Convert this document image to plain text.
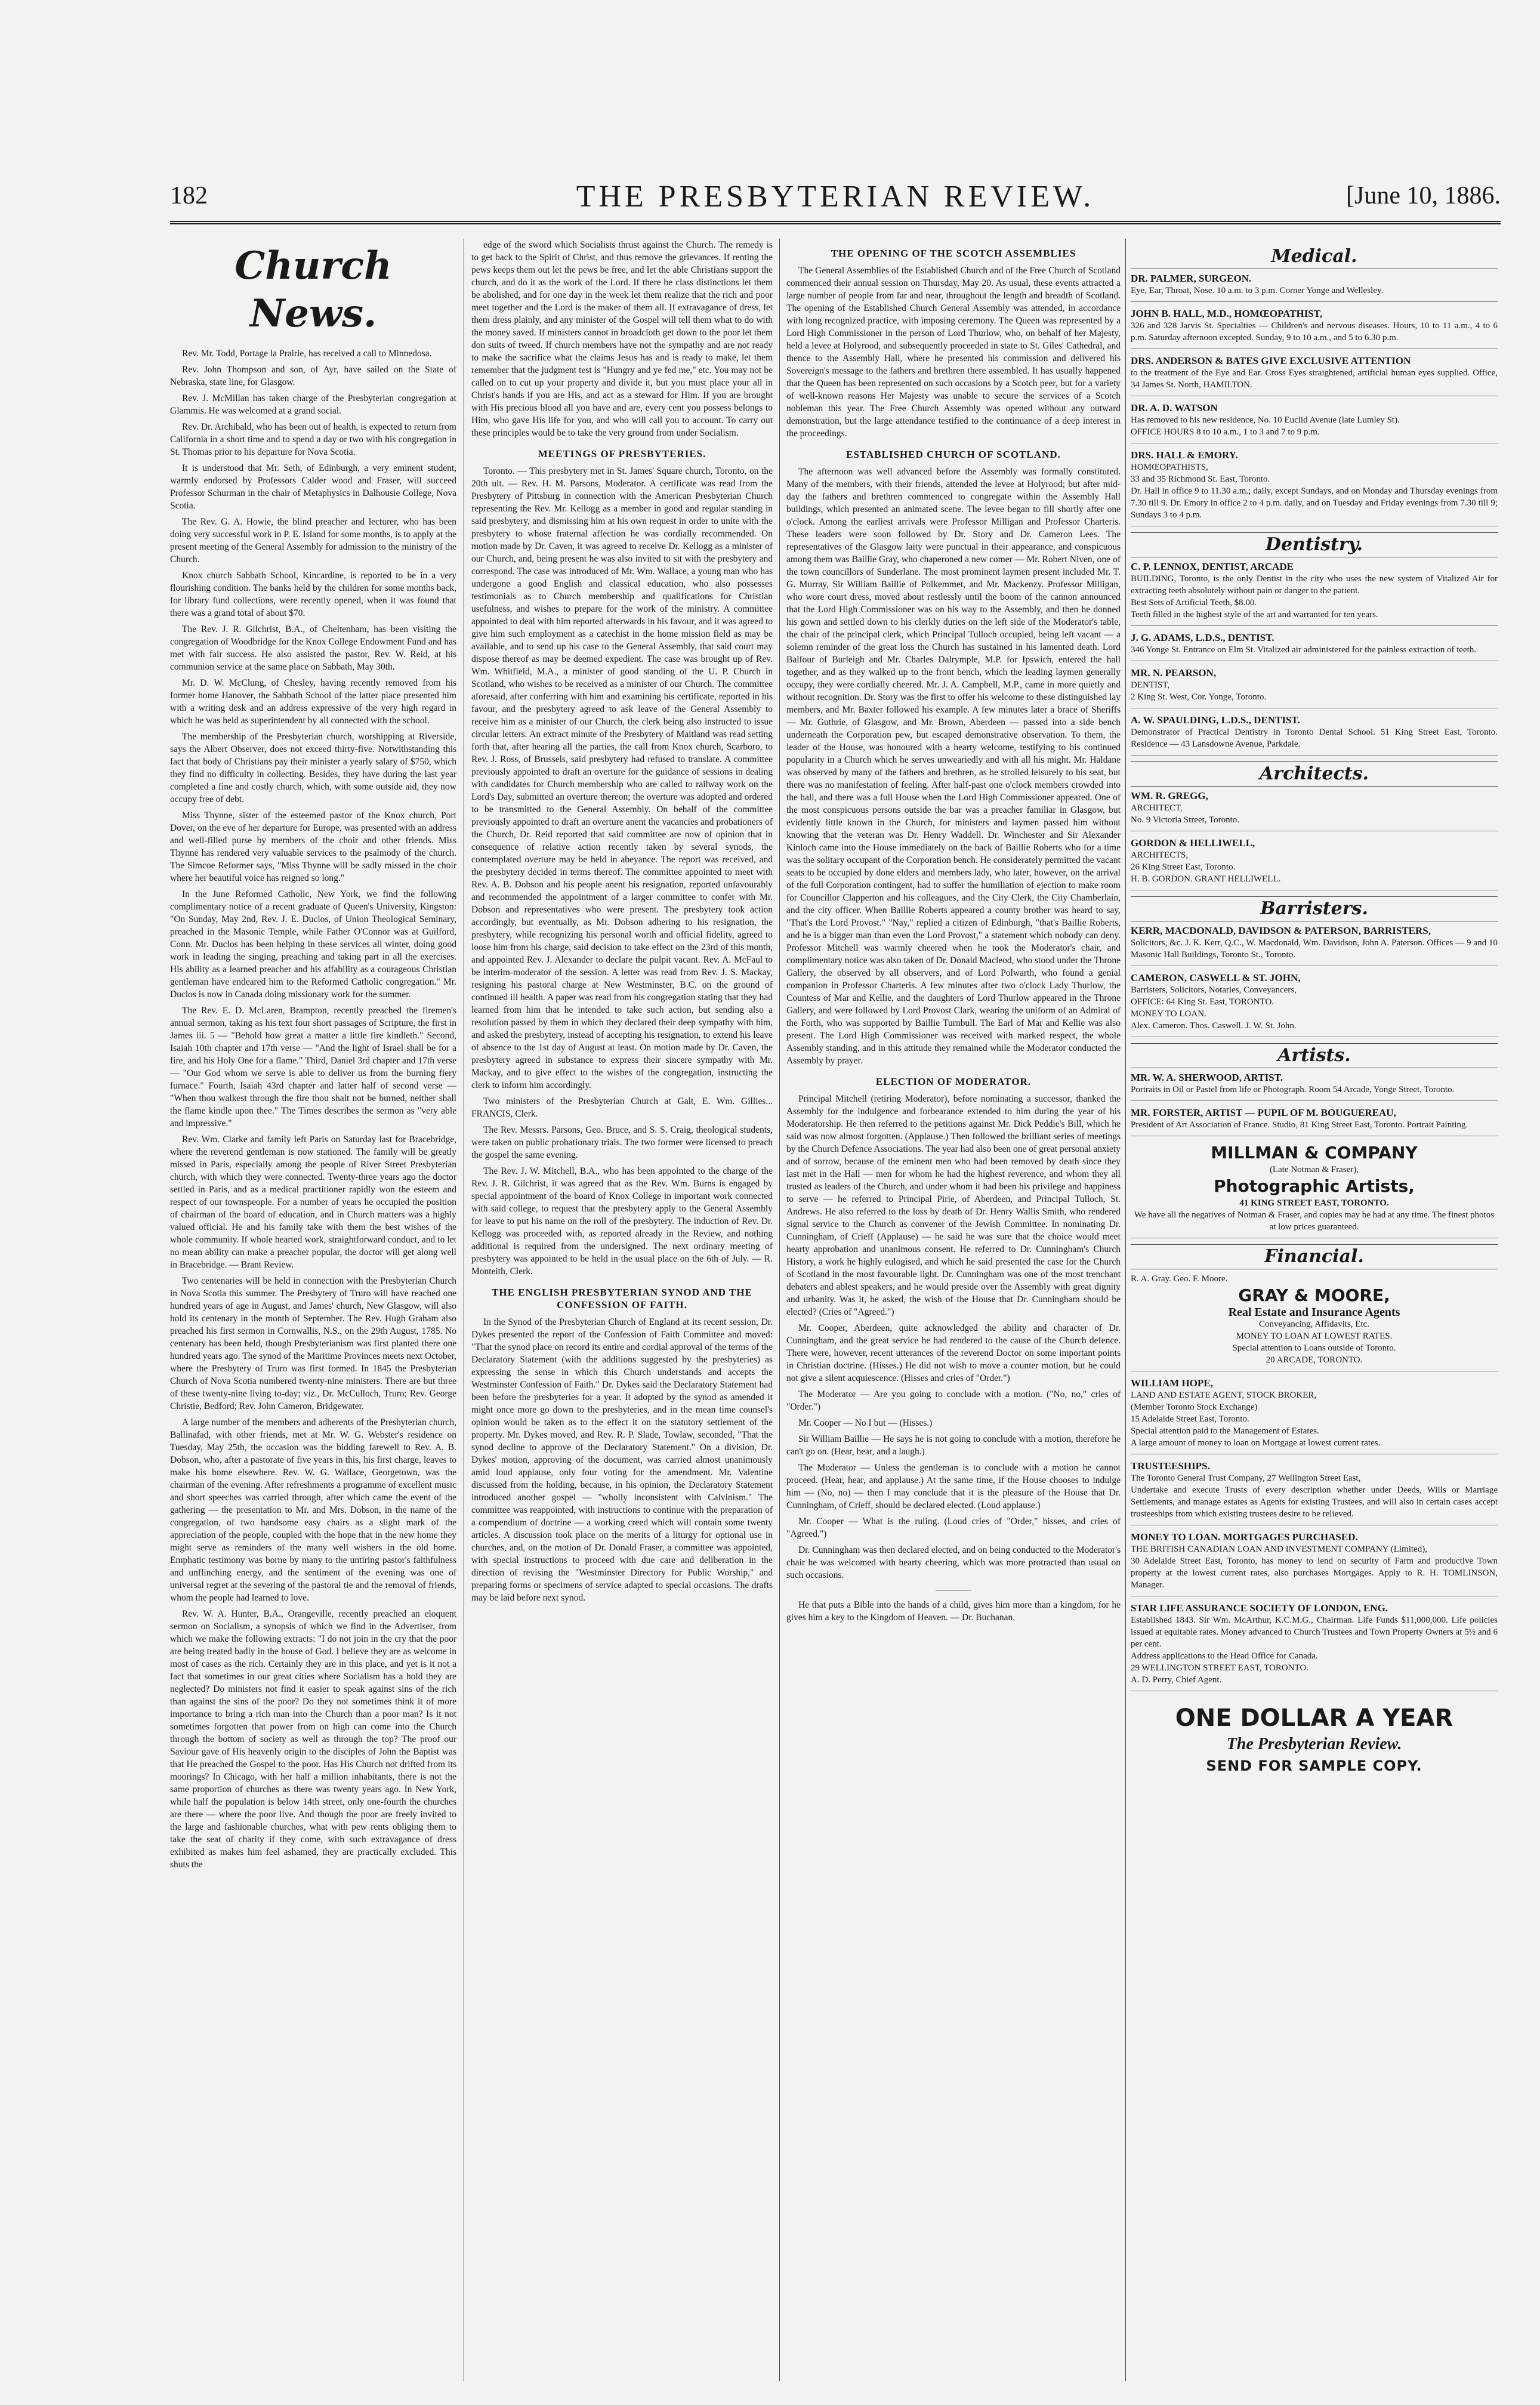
182	THE PRESBYTERIAN REVIEW.	[June 10, 1886.
Church News.

Rev. Mr. Todd, Portage la Prairie, has received a call to Minnedosa.

Rev. John Thompson and son, of Ayr, have sailed on the State of Nebraska, state line, for Glasgow.

Rev. J. McMillan has taken charge of the Presbyterian congregation at Glammis. He was welcomed at a grand social.

Rev. Dr. Archibald, who has been out of health, is expected to return from California in a short time and to spend a day or two with his congregation in St. Thomas prior to his departure for Nova Scotia.

It is understood that Mr. Seth, of Edinburgh, a very eminent student, warmly endorsed by Professors Calder wood and Fraser, will succeed Professor Schurman in the chair of Metaphysics in Dalhousie College, Nova Scotia.

The Rev. G. A. Howie, the blind preacher and lecturer, who has been doing very successful work in P. E. Island for some months, is to apply at the present meeting of the General Assembly for admission to the ministry of the Church.

Knox church Sabbath School, Kincardine, is reported to be in a very flourishing condition. The banks held by the children for some months back, for library fund collections, were recently opened, when it was found that there was a grand total of about $70.

The Rev. J. R. Gilchrist, B.A., of Cheltenham, has been visiting the congregation of Woodbridge for the Knox College Endowment Fund and has met with fair success. He also assisted the pastor, Rev. W. Reid, at his communion service at the same place on Sabbath, May 30th.

Mr. D. W. McClung, of Chesley, having recently removed from his former home Hanover, the Sabbath School of the latter place presented him with a writing desk and an address expressive of the very high regard in which he was held as superintendent by all connected with the school.

The membership of the Presbyterian church, worshipping at Riverside, says the Albert Observer, does not exceed thirty-five. Notwithstanding this fact that body of Christians pay their minister a yearly salary of $750, which they find no difficulty in collecting. Besides, they have during the last year completed a fine and costly church, which, with some outside aid, they now occupy free of debt.

Miss Thynne, sister of the esteemed pastor of the Knox church, Port Dover, on the eve of her departure for Europe, was presented with an address and well-filled purse by members of the choir and other friends. Miss Thynne has rendered very valuable services to the psalmody of the church. The Simcoe Reformer says, "Miss Thynne will be sadly missed in the choir where her beautiful voice has reigned so long."

In the June Reformed Catholic, New York, we find the following complimentary notice of a recent graduate of Queen's University, Kingston: "On Sunday, May 2nd, Rev. J. E. Duclos, of Union Theological Seminary, preached in the Masonic Temple, while Father O'Connor was at Guilford, Conn. Mr. Duclos has been helping in these services all winter, doing good work in leading the singing, preaching and taking part in all the exercises. His ability as a learned preacher and his affability as a courageous Christian gentleman have endeared him to the Reformed Catholic congregation." Mr. Duclos is now in Canada doing missionary work for the summer.

The Rev. E. D. McLaren, Brampton, recently preached the firemen's annual sermon, taking as his text four short passages of Scripture, the first in James iii. 5 — "Behold how great a matter a little fire kindleth." Second, Isaiah 10th chapter and 17th verse — "And the light of Israel shall be for a fire, and his Holy One for a flame." Third, Daniel 3rd chapter and 17th verse — "Our God whom we serve is able to deliver us from the burning fiery furnace." Fourth, Isaiah 43rd chapter and latter half of second verse — "When thou walkest through the fire thou shalt not be burned, neither shall the flame kindle upon thee." The Times describes the sermon as "very able and impressive."

Rev. Wm. Clarke and family left Paris on Saturday last for Bracebridge, where the reverend gentleman is now stationed. The family will be greatly missed in Paris, especially among the people of River Street Presbyterian church, with which they were connected. Twenty-three years ago the doctor settled in Paris, and as a medical practitioner rapidly won the esteem and respect of our townspeople. For a number of years he occupied the position of chairman of the board of education, and in Church matters was a highly valued official. He and his family take with them the best wishes of the whole community. If whole hearted work, straightforward conduct, and to let no mean ability can make a preacher popular, the doctor will get along well in Bracebridge. — Brant Review.

Two centenaries will be held in connection with the Presbyterian Church in Nova Scotia this summer. The Presbytery of Truro will have reached one hundred years of age in August, and James' church, New Glasgow, will also hold its centenary in the month of September. The Rev. Hugh Graham also preached his first sermon in Cornwallis, N.S., on the 29th August, 1785. No centenary has been held, though Presbyterianism was first planted there one hundred years ago. The synod of the Maritime Provinces meets next October, where the Presbytery of Truro was first formed. In 1845 the Presbyterian Church of Nova Scotia numbered twenty-nine ministers. There are but three of these twenty-nine living to-day; viz., Dr. McCulloch, Truro; Rev. George Christie, Bedford; Rev. John Cameron, Bridgewater.

A large number of the members and adherents of the Presbyterian church, Ballinafad, with other friends, met at Mr. W. G. Webster's residence on Tuesday, May 25th, the occasion was the bidding farewell to Rev. A. B. Dobson, who, after a pastorate of five years in this, his first charge, leaves to make his home elsewhere. Rev. W. G. Wallace, Georgetown, was the chairman of the evening. After refreshments a programme of excellent music and short speeches was carried through, after which came the event of the gathering — the presentation to Mr. and Mrs. Dobson, in the name of the congregation, of two handsome easy chairs as a slight mark of the appreciation of the people, coupled with the hope that in the new home they might serve as reminders of the many well wishers in the old home. Emphatic testimony was borne by many to the untiring pastor's faithfulness and unflinching energy, and the sentiment of the evening was one of universal regret at the severing of the pastoral tie and the removal of friends, whom the people had learned to love.

Rev. W. A. Hunter, B.A., Orangeville, recently preached an eloquent sermon on Socialism, a synopsis of which we find in the Advertiser, from which we make the following extracts: "I do not join in the cry that the poor are being treated badly in the house of God. I believe they are as welcome in most of cases as the rich. Certainly they are in this place, and yet is it not a fact that sometimes in our great cities where Socialism has a hold they are neglected? Do ministers not find it easier to speak against sins of the rich than against the sins of the poor? Do they not sometimes think it of more importance to bring a rich man into the Church than a poor man? Is it not sometimes forgotten that power from on high can come into the Church through the bottom of society as well as through the top? The proof our Saviour gave of His heavenly origin to the disciples of John the Baptist was that He preached the Gospel to the poor. Has His Church not drifted from its moorings? In Chicago, with her half a million inhabitants, there is not the same proportion of churches as there was twenty years ago. In New York, while half the population is below 14th street, only one-fourth the churches are there — where the poor live. And though the poor are freely invited to the large and fashionable churches, what with pew rents obliging them to take the seat of charity if they come, with such extravagance of dress exhibited as makes him feel ashamed, they are practically excluded. This shuts the

edge of the sword which Socialists thrust against the Church. The remedy is to get back to the Spirit of Christ, and thus remove the grievances. If renting the pews keeps them out let the pews be free, and let the able Christians support the church, and do it as the work of the Lord. If there be class distinctions let them be abolished, and for one day in the week let them realize that the rich and poor meet together and the Lord is the maker of them all. If extravagance of dress, let them dress plainly, and any minister of the Gospel will tell them what to do with the money saved. If ministers cannot in broadcloth get down to the poor let them don suits of tweed. If church members have not the sympathy and are not ready to make the sacrifice what the claims Jesus has and is ready to make, let them remember that the judgment test is "Hungry and ye fed me," etc. You may not be called on to cut up your property and divide it, but you must place your all in Christ's hands if you are His, and act as a steward for Him. If you are brought with His precious blood all you have and are, every cent you possess belongs to Him, who gave His life for you, and who will call you to account. To carry out these principles would be to take the very ground from under Socialism.

MEETINGS OF PRESBYTERIES.

Toronto. — This presbytery met in St. James' Square church, Toronto, on the 20th ult. — Rev. H. M. Parsons, Moderator. A certificate was read from the Presbytery of Pittsburg in connection with the American Presbyterian Church representing the Rev. Mr. Kellogg as a member in good and regular standing in said presbytery, and dismissing him at his own request in order to unite with the presbytery to whose fraternal affection he was cordially recommended. On motion made by Dr. Caven, it was agreed to receive Dr. Kellogg as a minister of our Church, and, being present he was also invited to sit with the presbytery and correspond. The case was introduced of Mr. Wm. Wallace, a young man who has undergone a good English and classical education, who also possesses testimonials as to Church membership and qualifications for Christian usefulness, and wishes to prepare for the work of the ministry. A committee appointed to deal with him reported afterwards in his favour, and it was agreed to give him such employment as a catechist in the home mission field as may be available, and to send up his case to the General Assembly, that said court may dispose thereof as may be deemed expedient. The case was brought up of Rev. Wm. Whitfield, M.A., a minister of good standing of the U. P. Church in Scotland, who wishes to be received as a minister of our Church. The committee aforesaid, after conferring with him and examining his certificate, reported in his favour, and the presbytery agreed to ask leave of the General Assembly to receive him as a minister of our Church, the clerk being also instructed to issue circular letters. An extract minute of the Presbytery of Maitland was read setting forth that, after hearing all the parties, the call from Knox church, Scarboro, to Rev. J. Ross, of Brussels, said presbytery had refused to translate. A committee previously appointed to draft an overture for the guidance of sessions in dealing with candidates for Church membership who are called to railway work on the Lord's Day, submitted an overture thereon; the overture was adopted and ordered to be transmitted to the General Assembly. On behalf of the committee previously appointed to draft an overture anent the vacancies and probationers of the Church, Dr. Reid reported that said committee are now of opinion that in consequence of relative action recently taken by several synods, the contemplated overture may be held in abeyance. The report was received, and the presbytery decided in terms thereof. The committee appointed to meet with Rev. A. B. Dobson and his people anent his resignation, reported unfavourably and recommended the appointment of a larger committee to confer with Mr. Dobson and representatives who were present. The presbytery took action accordingly, but eventually, as Mr. Dobson adhering to his resignation, the presbytery, while recognizing his personal worth and official fidelity, agreed to loose him from his charge, said decision to take effect on the 23rd of this month, and appointed Rev. J. Alexander to declare the pulpit vacant. Rev. A. McFaul to be interim-moderator of the session. A letter was read from Rev. J. S. Mackay, resigning his pastoral charge at New Westminster, B.C. on the ground of continued ill health. A paper was read from his congregation stating that they had learned from him that he intended to take such action, but sending also a resolution passed by them in which they declared their deep sympathy with him, and asked the presbytery, instead of accepting his resignation, to extend his leave of absence to the 1st day of August at least. On motion made by Dr. Caven, the presbytery agreed in substance to express their sincere sympathy with Mr. Mackay, and to give effect to the wishes of the congregation, instructing the clerk to inform him accordingly.

Two ministers of the Presbyterian Church at Galt, E. Wm. Gillies... FRANCIS, Clerk.

The Rev. Messrs. Parsons, Geo. Bruce, and S. S. Craig, theological students, were taken on public probationary trials. The two former were licensed to preach the gospel the same evening.

The Rev. J. W. Mitchell, B.A., who has been appointed to the charge of the Rev. J. R. Gilchrist, it was agreed that as the Rev. Wm. Burns is engaged by special appointment of the board of Knox College in important work connected with said college, to request that the presbytery apply to the General Assembly for leave to put his name on the roll of the presbytery. The induction of Rev. Dr. Kellogg was proceeded with, as reported already in the Review, and nothing additional is required from the undersigned. The next ordinary meeting of presbytery was appointed to be held in the usual place on the 6th of July. — R. Monteith, Clerk.

THE ENGLISH PRESBYTERIAN SYNOD AND THE CONFESSION OF FAITH.

In the Synod of the Presbyterian Church of England at its recent session, Dr. Dykes presented the report of the Confession of Faith Committee and moved: "That the synod place on record its entire and cordial approval of the terms of the Declaratory Statement (with the additions suggested by the presbyteries) as expressing the sense in which this Church understands and accepts the Westminster Confession of Faith." Dr. Dykes said the Declaratory Statement had been before the presbyteries for a year. It adopted by the synod as amended it might once more go down to the presbyteries, and in the mean time counsel's opinion would be taken as to the effect it on the statutory settlement of the property. Mr. Dykes moved, and Rev. R. P. Slade, Towlaw, seconded, "That the synod decline to approve of the Declaratory Statement." On a division, Dr. Dykes' motion, approving of the document, was carried almost unanimously amid loud applause, only four voting for the amendment. Mr. Valentine discussed from the holding, because, in his opinion, the Declaratory Statement introduced another gospel — "wholly inconsistent with Calvinism." The committee was reappointed, with instructions to continue with the preparation of a compendium of doctrine — a working creed which will contain some twenty articles. A discussion took place on the merits of a liturgy for optional use in churches, and, on the motion of Dr. Donald Fraser, a committee was appointed, with special instructions to proceed with due care and deliberation in the direction of revising the "Westminster Directory for Public Worship," and preparing forms or specimens of service adapted to special occasions. The drafts may be laid before next synod.

THE OPENING OF THE SCOTCH ASSEMBLIES

The General Assemblies of the Established Church and of the Free Church of Scotland commenced their annual session on Thursday, May 20. As usual, these events attracted a large number of people from far and near, throughout the length and breadth of Scotland. The opening of the Established Church General Assembly was attended, in accordance with long recognized practice, with imposing ceremony. The Queen was represented by a Lord High Commissioner in the person of Lord Thurlow, who, on behalf of her Majesty, held a levee at Holyrood, and subsequently proceeded in state to St. Giles' Cathedral, and thence to the Assembly Hall, where he presented his commission and delivered his Sovereign's message to the fathers and brethren there assembled. It has usually happened that the Queen has been represented on such occasions by a Scotch peer, but for a variety of well-known reasons Her Majesty was unable to secure the services of a Scotch nobleman this year. The Free Church Assembly was opened without any outward demonstration, but the large attendance testified to the continuance of a deep interest in the proceedings.

ESTABLISHED CHURCH OF SCOTLAND.

The afternoon was well advanced before the Assembly was formally constituted. Many of the members, with their friends, attended the levee at Holyrood; but after mid-day the fathers and brethren commenced to congregate within the Assembly Hall buildings, which presented an animated scene. The levee began to fill shortly after one o'clock. Among the earliest arrivals were Professor Milligan and Professor Charteris. These leaders were soon followed by Dr. Story and Dr. Cameron Lees. The representatives of the Glasgow laity were punctual in their appearance, and conspicuous among them was Baillie Gray, who chaperoned a new comer — Mr. Robert Niven, one of the town councillors of Sunderlane. The most prominent laymen present included Mr. T. G. Murray, Sir William Baillie of Polkemmet, and Mr. Mackenzy. Professor Milligan, who wore court dress, moved about restlessly until the boom of the cannon announced that the Lord High Commissioner was on his way to the Assembly, and then he donned his gown and settled down to his clerkly duties on the left side of the Moderator's table, the chair of the principal clerk, which Principal Tulloch occupied, being left vacant — a solemn reminder of the great loss the Church has sustained in his lamented death. Lord Balfour of Burleigh and Mr. Charles Dalrymple, M.P. for Ipswich, entered the hall together, and as they walked up to the front bench, which the leading laymen generally occupy, they were cordially cheered. Mr. J. A. Campbell, M.P., came in more quietly and without recognition. Dr. Story was the first to offer his welcome to these distinguished lay members, and Mr. Baxter followed his example. A few minutes later a brace of Sheriffs — Mr. Guthrie, of Glasgow, and Mr. Brown, Aberdeen — passed into a side bench underneath the Corporation pew, but escaped demonstrative observation. To them, the leader of the House, was honoured with a hearty welcome, testifying to his continued popularity in a Church which he serves unweariedly and with all his might. Mr. Haldane was observed by many of the fathers and brethren, as he strolled leisurely to his seat, but there was no manifestation of feeling. After half-past one o'clock members crowded into the hall, and there was a full House when the Lord High Commissioner appeared. One of the most conspicuous persons outside the bar was a preacher familiar in Glasgow, but evidently little known in the Church, for ministers and laymen passed him without knowing that the veteran was Dr. Henry Waddell. Dr. Winchester and Sir Alexander Kinloch came into the House immediately on the back of Baillie Roberts who for a time was the solitary occupant of the Corporation bench. He considerately permitted the vacant seats to be occupied by done elders and members lady, who later, however, on the arrival of the full Corporation contingent, had to suffer the humiliation of ejection to make room for Councillor Clapperton and his colleagues, and the City Clerk, the City Chamberlain, and the city officer. When Baillie Roberts appeared a county brother was heard to say, "That's the Lord Provost." "Nay," replied a citizen of Edinburgh, "that's Baillie Roberts, and he is a bigger man than even the Lord Provost," a statement which nobody can deny. Professor Mitchell was warmly cheered when he took the Moderator's chair, and complimentary notice was also taken of Dr. Donald Macleod, who stood under the Throne Gallery, the observed by all observers, and of Lord Polwarth, who found a genial companion in Professor Charteris. A few minutes after two o'clock Lady Thurlow, the Countess of Mar and Kellie, and the daughters of Lord Thurlow appeared in the Throne Gallery, and were followed by Lord Provost Clark, wearing the uniform of an Admiral of the Forth, who was supported by Baillie Turnbull. The Earl of Mar and Kellie was also present. The Lord High Commissioner was received with marked respect, the whole Assembly standing, and in this attitude they remained while the Moderator conducted the Assembly by prayer.

ELECTION OF MODERATOR.

Principal Mitchell (retiring Moderator), before nominating a successor, thanked the Assembly for the indulgence and forbearance extended to him during the year of his Moderatorship. He then referred to the petitions against Mr. Dick Peddie's Bill, which he said was now almost forgotten. (Applause.) Then followed the brilliant series of meetings by the Church Defence Associations. The year had also been one of great personal anxiety and of sorrow, because of the eminent men who had been removed by death since they last met in the Hall — men for whom he had the highest reverence, and whom they all trusted as leaders of the Church, and under whom it had been his privilege and happiness to serve — he referred to Principal Pirie, of Aberdeen, and Principal Tulloch, St. Andrews. He also referred to the loss by death of Dr. Henry Wallis Smith, who rendered signal service to the Church as convener of the Jewish Committee. In nominating Dr. Cunningham, of Crieff (Applause) — he said he was sure that the choice would meet hearty approbation and unanimous consent. He referred to Dr. Cunningham's Church History, a work he highly eulogised, and which he said presented the case for the Church of Scotland in the most favourable light. Dr. Cunningham was one of the most trenchant debaters and ablest speakers, and he would preside over the Assembly with great dignity and urbanity. Was it, he asked, the wish of the House that Dr. Cunningham should be elected? (Cries of "Agreed.")

Mr. Cooper, Aberdeen, quite acknowledged the ability and character of Dr. Cunningham, and the great service he had rendered to the cause of the Church defence. There were, however, recent utterances of the reverend Doctor on some important points in Christian doctrine. (Hisses.) He did not wish to move a counter motion, but he could not give a silent acquiescence. (Hisses and cries of "Order.")

The Moderator — Are you going to conclude with a motion. ("No, no," cries of "Order.")

Mr. Cooper — No I but — (Hisses.)

Sir William Baillie — He says he is not going to conclude with a motion, therefore he can't go on. (Hear, hear, and a laugh.)

The Moderator — Unless the gentleman is to conclude with a motion he cannot proceed. (Hear, hear, and applause.) At the same time, if the House chooses to indulge him — (No, no) — then I may conclude that it is the pleasure of the House that Dr. Cunningham, of Crieff, should be declared elected. (Loud applause.)

Mr. Cooper — What is the ruling. (Loud cries of "Order," hisses, and cries of "Agreed.")

Dr. Cunningham was then declared elected, and on being conducted to the Moderator's chair he was welcomed with hearty cheering, which was more protracted than usual on such occasions.

He that puts a Bible into the hands of a child, gives him more than a kingdom, for he gives him a key to the Kingdom of Heaven. — Dr. Buchanan.

Medical.
DR. PALMER, SURGEON.
Eye, Ear, Throat, Nose. 10 a.m. to 3 p.m. Corner Yonge and Wellesley.
JOHN B. HALL, M.D., HOMŒOPATHIST,
326 and 328 Jarvis St. Specialties — Children's and nervous diseases. Hours, 10 to 11 a.m., 4 to 6 p.m. Saturday afternoon excepted. Sunday, 9 to 10 a.m., and 5 to 6.30 p.m.
DRS. ANDERSON & BATES GIVE EXCLUSIVE ATTENTION
to the treatment of the Eye and Ear. Cross Eyes straightened, artificial human eyes supplied. Office, 34 James St. North, HAMILTON.
DR. A. D. WATSON
Has removed to his new residence, No. 10 Euclid Avenue (late Lumley St).
OFFICE HOURS 8 to 10 a.m., 1 to 3 and 7 to 9 p.m.
DRS. HALL & EMORY.
HOMŒOPATHISTS,
33 and 35 Richmond St. East, Toronto.
Dr. Hall in office 9 to 11.30 a.m.; daily, except Sundays, and on Monday and Thursday evenings from 7.30 till 9. Dr. Emory in office 2 to 4 p.m. daily, and on Tuesday and Friday evenings from 7.30 till 9; Sundays 3 to 4 p.m.
Dentistry.
C. P. LENNOX, DENTIST, ARCADE
BUILDING, Toronto, is the only Dentist in the city who uses the new system of Vitalized Air for extracting teeth absolutely without pain or danger to the patient.
Best Sets of Artificial Teeth, $8.00.
Teeth filled in the highest style of the art and warranted for ten years.
J. G. ADAMS, L.D.S., DENTIST.
346 Yonge St. Entrance on Elm St. Vitalized air administered for the painless extraction of teeth.
MR. N. PEARSON,
DENTIST,
2 King St. West, Cor. Yonge, Toronto.
A. W. SPAULDING, L.D.S., DENTIST.
Demonstrator of Practical Dentistry in Toronto Dental School. 51 King Street East, Toronto. Residence — 43 Lansdowne Avenue, Parkdale.
Architects.
WM. R. GREGG,
ARCHITECT,
No. 9 Victoria Street, Toronto.
GORDON & HELLIWELL,
ARCHITECTS,
26 King Street East, Toronto.
H. B. GORDON. GRANT HELLIWELL.
Barristers.
KERR, MACDONALD, DAVIDSON & PATERSON, BARRISTERS,
Solicitors, &c. J. K. Kerr, Q.C., W. Macdonald, Wm. Davidson, John A. Paterson. Offices — 9 and 10 Masonic Hall Buildings, Toronto St., Toronto.
CAMERON, CASWELL & ST. JOHN,
Barristers, Solicitors, Notaries, Conveyancers,
OFFICE: 64 King St. East, TORONTO.
MONEY TO LOAN.
Alex. Cameron. Thos. Caswell. J. W. St. John.
Artists.
MR. W. A. SHERWOOD, ARTIST.
Portraits in Oil or Pastel from life or Photograph. Room 54 Arcade, Yonge Street, Toronto.
MR. FORSTER, ARTIST — PUPIL OF M. BOUGUEREAU,
President of Art Association of France. Studio, 81 King Street East, Toronto. Portrait Painting.
MILLMAN & COMPANY
(Late Notman & Fraser),
Photographic Artists,
41 KING STREET EAST, TORONTO.
We have all the negatives of Notman & Fraser, and copies may be had at any time. The finest photos at low prices guaranteed.
Financial.
R. A. Gray. Geo. F. Moore.
GRAY & MOORE,
Real Estate and Insurance Agents
Conveyancing, Affidavits, Etc.
MONEY TO LOAN AT LOWEST RATES.
Special attention to Loans outside of Toronto.
20 ARCADE, TORONTO.
WILLIAM HOPE,
LAND AND ESTATE AGENT, STOCK BROKER,
(Member Toronto Stock Exchange)
15 Adelaide Street East, Toronto.
Special attention paid to the Management of Estates.
A large amount of money to loan on Mortgage at lowest current rates.
TRUSTEESHIPS.
The Toronto General Trust Company, 27 Wellington Street East,
Undertake and execute Trusts of every description whether under Deeds, Wills or Marriage Settlements, and manage estates as Agents for existing Trustees, and will also in certain cases accept trusteeships from which existing trustees desire to be relieved.
MONEY TO LOAN. MORTGAGES PURCHASED.
THE BRITISH CANADIAN LOAN AND INVESTMENT COMPANY (Limited),
30 Adelaide Street East, Toronto, has money to lend on security of Farm and productive Town property at the lowest current rates, also purchases Mortgages. Apply to R. H. TOMLINSON, Manager.
STAR LIFE ASSURANCE SOCIETY OF LONDON, ENG.
Established 1843. Sir Wm. McArthur, K.C.M.G., Chairman. Life Funds $11,000,000. Life policies issued at equitable rates. Money advanced to Church Trustees and Town Property Owners at 5½ and 6 per cent.
Address applications to the Head Office for Canada.
29 WELLINGTON STREET EAST, TORONTO.
A. D. Perry, Chief Agent.
ONE DOLLAR A YEAR
The Presbyterian Review.
SEND FOR SAMPLE COPY.
